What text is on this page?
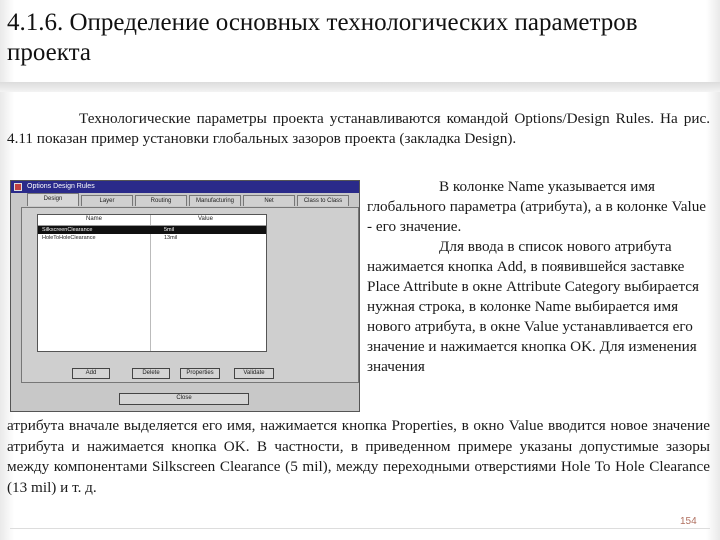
4.1.6. Определение основных технологических параметров проекта
Технологические параметры проекта устанавливаются командой Options/Design Rules. На рис. 4.11 показан пример установки глобальных зазоров проекта (закладка Design).
Options Design Rules
Design	Layer	Routing	Manufacturing	Net	Class to Class
Name	Value
SilkscreenClearance	5mil
HoleToHoleClearance	13mil
Add	Delete	Properties	Validate
Close

В колонке Name указывается имя глобального параметра (атрибута), а в колонке Value - его значение.

Для ввода в список нового атрибута нажимается кнопка Add, в появившейся заставке Place Attribute в окне Attribute Category выбирается нужная строка, в колонке Name выбирается имя нового атрибута, в окне Value устанавливается его значение и нажимается кнопка OK. Для изменения значения

атрибута вначале выделяется его имя, нажимается кнопка Properties, в окно Value вводится новое значение атрибута и нажимается кнопка OK. В частности, в приведенном примере указаны допустимые зазоры между компонентами Silkscreen Clearance (5 mil), между переходными отверстиями Hole To Hole Clearance (13 mil) и т. д.
154
